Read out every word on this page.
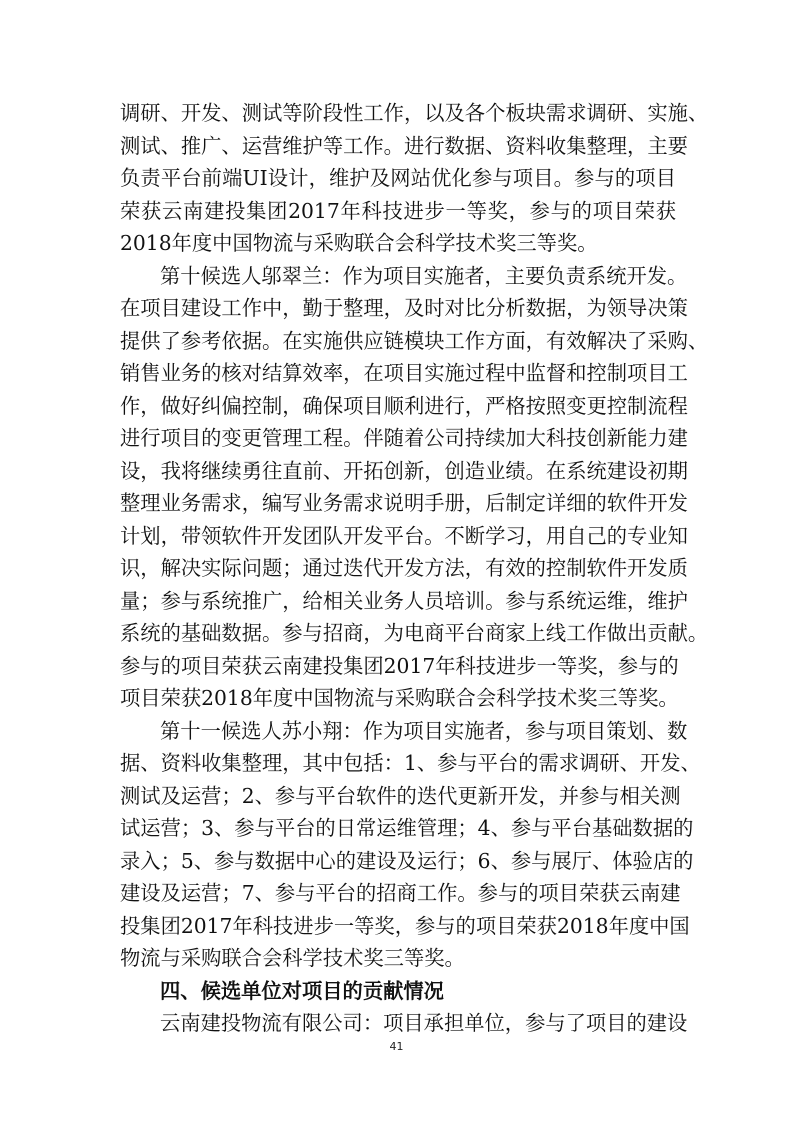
调研、开发、测试等阶段性工作，以及各个板块需求调研、实施、
测试、推广、运营维护等工作。进行数据、资料收集整理，主要
负责平台前端UI设计，维护及网站优化参与项目。参与的项目
荣获云南建投集团2017年科技进步一等奖，参与的项目荣获
2018年度中国物流与采购联合会科学技术奖三等奖。
第十候选人邬翠兰：作为项目实施者，主要负责系统开发。
在项目建设工作中，勤于整理，及时对比分析数据，为领导决策
提供了参考依据。在实施供应链模块工作方面，有效解决了采购、
销售业务的核对结算效率，在项目实施过程中监督和控制项目工
作，做好纠偏控制，确保项目顺利进行，严格按照变更控制流程
进行项目的变更管理工程。伴随着公司持续加大科技创新能力建
设，我将继续勇往直前、开拓创新，创造业绩。在系统建设初期
整理业务需求，编写业务需求说明手册，后制定详细的软件开发
计划，带领软件开发团队开发平台。不断学习，用自己的专业知
识，解决实际问题；通过迭代开发方法，有效的控制软件开发质
量；参与系统推广，给相关业务人员培训。参与系统运维，维护
系统的基础数据。参与招商，为电商平台商家上线工作做出贡献。
参与的项目荣获云南建投集团2017年科技进步一等奖，参与的
项目荣获2018年度中国物流与采购联合会科学技术奖三等奖。
第十一候选人苏小翔：作为项目实施者，参与项目策划、数
据、资料收集整理，其中包括：1、参与平台的需求调研、开发、
测试及运营；2、参与平台软件的迭代更新开发，并参与相关测
试运营；3、参与平台的日常运维管理；4、参与平台基础数据的
录入；5、参与数据中心的建设及运行；6、参与展厅、体验店的
建设及运营；7、参与平台的招商工作。参与的项目荣获云南建
投集团2017年科技进步一等奖，参与的项目荣获2018年度中国
物流与采购联合会科学技术奖三等奖。
四、候选单位对项目的贡献情况
云南建投物流有限公司：项目承担单位，参与了项目的建设
41
